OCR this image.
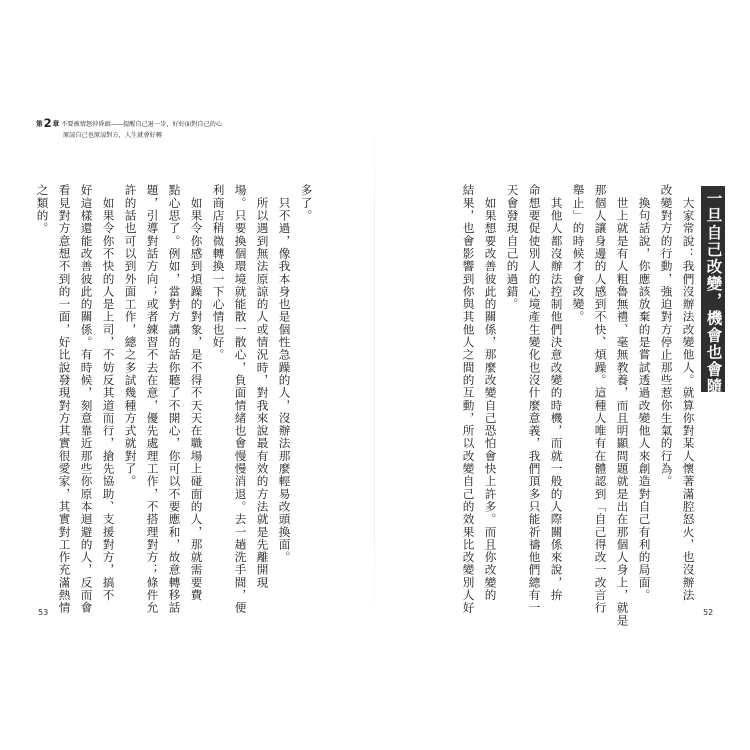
第2章 不要被情怒沖昏頭——提醒自己退一步，好好面對自己的心
原諒自己也原諒對方，人生就會好轉
一旦自己改變，機會也會隨之而來
　大家常說：我們沒辦法改變他人。就算你對某人懷著滿腔怒火，也沒辦法
改變對方的行動，強迫對方停止那些惹你生氣的行為。
　換句話說，你應該放棄的是嘗試透過改變他人來創造對自己有利的局面。
　世上就是有人粗魯無禮、毫無教養，而且明顯問題就是出在那個人身上，就是
那個人讓身邊的人感到不快、煩躁。這種人唯有在體認到「自己得改一改言行
舉止」的時候才會改變。
　其他人都沒辦法控制他們決意改變的時機，而就一般的人際關係來說，拚
命想要促使別人的心境產生變化也沒什麼意義，我們頂多只能祈禱他們總有一
天會發現自己的過錯。
　如果想要改善彼此的關係，那麼改變自己恐怕會快上許多。而且你改變的
結果，也會影響到你與其他人之間的互動，所以改變自己的效果比改變別人好
多了。
　只不過，像我本身也是個性急躁的人，沒辦法那麼輕易改頭換面。
　所以遇到無法原諒的人或情況時，對我來說最有效的方法就是先離開現
場。只要換個環境就能散一散心，負面情緒也會慢慢消退。去一趟洗手間，便
利商店稍微轉換一下心情也好。
　如果令你感到煩躁的對象，是不得不天天在職場上碰面的人，那就需要費
點心思了。例如，當對方講的話你聽了不開心，你可以不要應和，故意轉移話
題，引導對話方向；或者練習不去在意，優先處理工作，不搭理對方；條件允
許的話也可以到外面工作，總之多試幾種方式就對了。
　如果令你不快的人是上司，不妨反其道而行，搶先協助、支援對方，搞不
好這樣還能改善彼此的關係。有時候，刻意靠近那些你原本迴避的人，反而會
看見對方意想不到的一面，好比說發現對方其實很愛家，其實對工作充滿熱情
之類的。
53	52
